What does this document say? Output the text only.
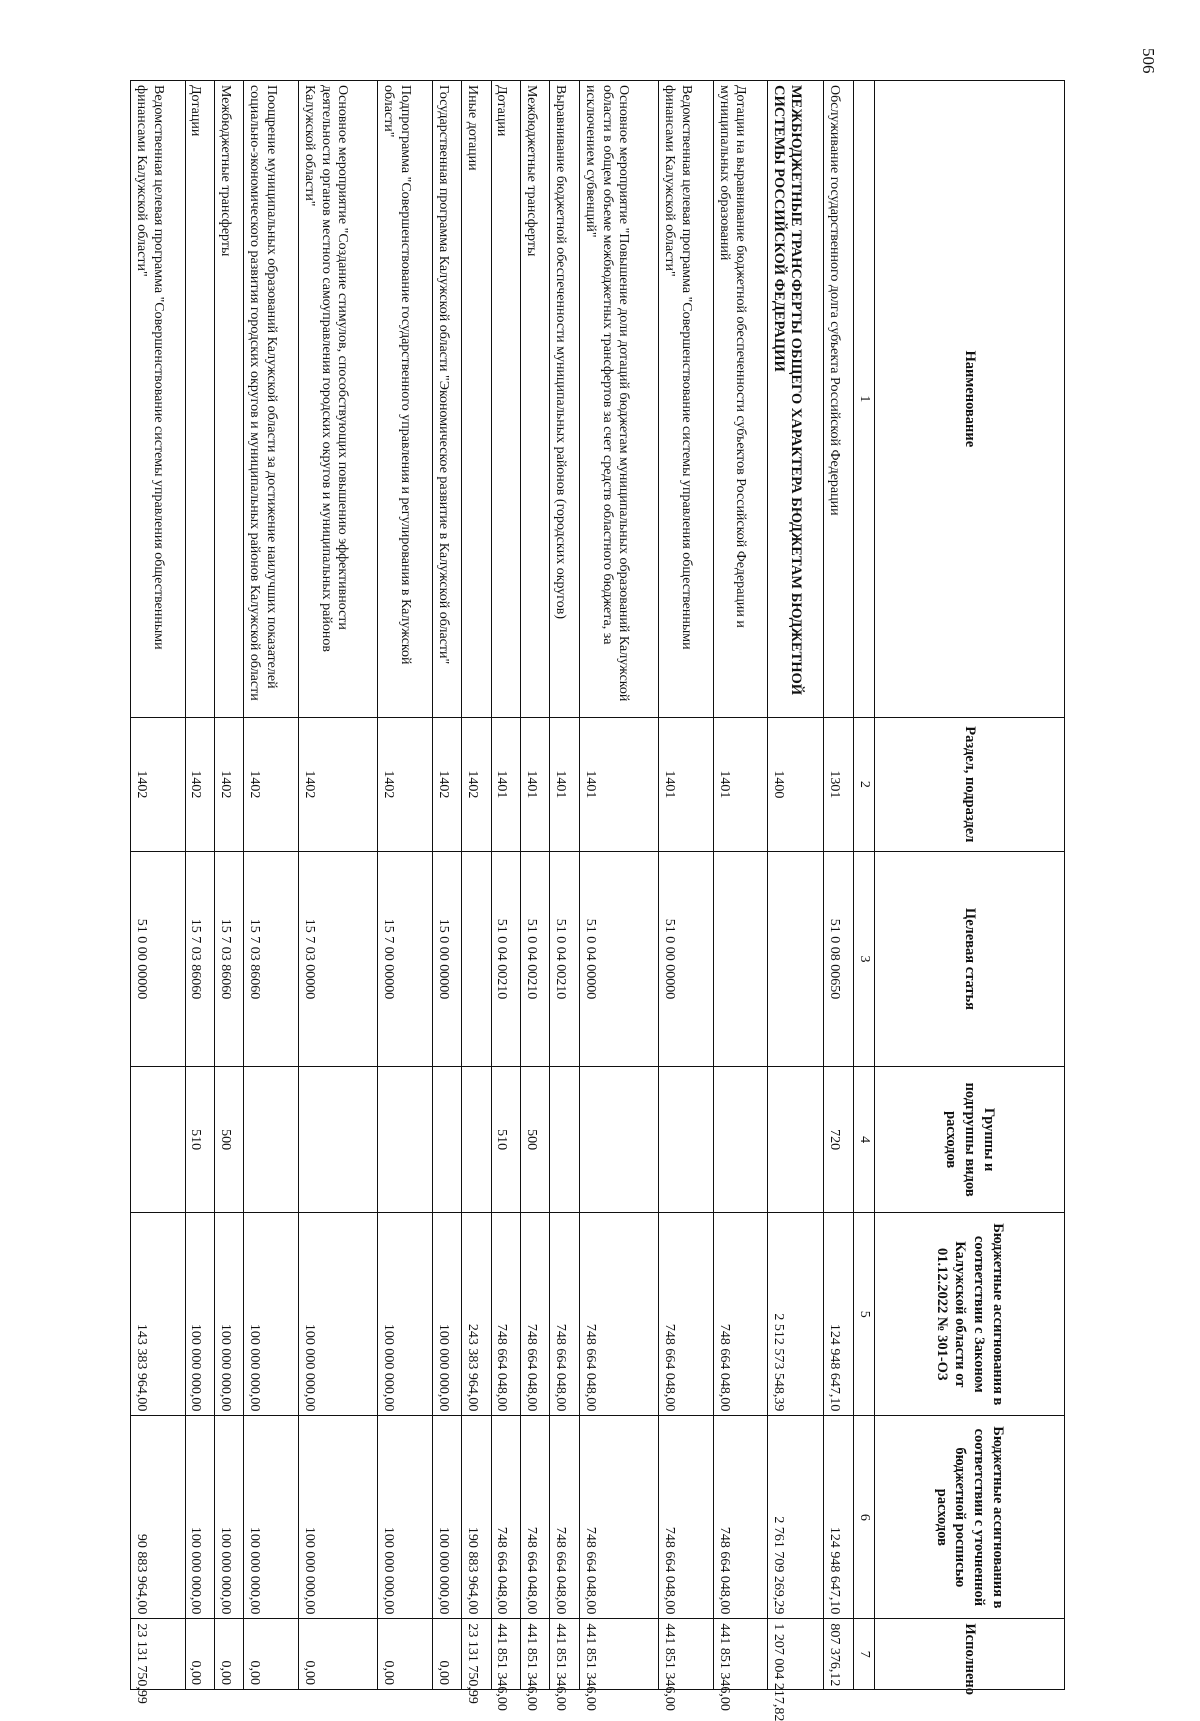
506
Наименование	Раздел, подраздел	Целевая статья	Группы и подгруппы видов расходов	Бюджетные ассигнования в соответствии с Законом Калужской области от 01.12.2022 № 301-ОЗ	Бюджетные ассигнования в соответствии с уточненной бюджетной росписью расходов	Исполнено
1	2	3	4	5	6	7
Обслуживание государственного долга субъекта Российской Федерации	1301	51 0 08 00650	720	124 948 647,10	124 948 647,10	807 376,12
МЕЖБЮДЖЕТНЫЕ ТРАНСФЕРТЫ ОБЩЕГО ХАРАКТЕРА БЮДЖЕТАМ БЮДЖЕТНОЙ СИСТЕМЫ РОССИЙСКОЙ ФЕДЕРАЦИИ	1400			2 512 573 548,39	2 761 709 269,29	1 207 004 217,82
Дотации на выравнивание бюджетной обеспеченности субъектов Российской Федерации и муниципальных образований	1401			748 664 048,00	748 664 048,00	441 851 346,00
Ведомственная целевая программа "Совершенствование системы управления общественными финансами Калужской области"	1401	51 0 00 00000		748 664 048,00	748 664 048,00	441 851 346,00
Основное мероприятие "Повышение доли дотаций бюджетам муниципальных образований Калужской области в общем объеме межбюджетных трансфертов за счет средств областного бюджета, за исключением субвенций"	1401	51 0 04 00000		748 664 048,00	748 664 048,00	441 851 346,00
Выравнивание бюджетной обеспеченности муниципальных районов (городских округов)	1401	51 0 04 00210		748 664 048,00	748 664 048,00	441 851 346,00
Межбюджетные трансферты	1401	51 0 04 00210	500	748 664 048,00	748 664 048,00	441 851 346,00
Дотации	1401	51 0 04 00210	510	748 664 048,00	748 664 048,00	441 851 346,00
Иные дотации	1402			243 383 964,00	190 883 964,00	23 131 750,99
Государственная программа Калужской области "Экономическое развитие в Калужской области"	1402	15 0 00 00000		100 000 000,00	100 000 000,00	0,00
Подпрограмма "Совершенствование государственного управления и регулирования в Калужской области"	1402	15 7 00 00000		100 000 000,00	100 000 000,00	0,00
Основное мероприятие "Создание стимулов, способствующих повышению эффективности деятельности органов местного самоуправления городских округов и муниципальных районов Калужской области"	1402	15 7 03 00000		100 000 000,00	100 000 000,00	0,00
Поощрение муниципальных образований Калужской области за достижение наилучших показателей социально-экономического развития городских округов и муниципальных районов Калужской области	1402	15 7 03 86060		100 000 000,00	100 000 000,00	0,00
Межбюджетные трансферты	1402	15 7 03 86060	500	100 000 000,00	100 000 000,00	0,00
Дотации	1402	15 7 03 86060	510	100 000 000,00	100 000 000,00	0,00
Ведомственная целевая программа "Совершенствование системы управления общественными финансами Калужской области"	1402	51 0 00 00000		143 383 964,00	90 883 964,00	23 131 750,99
